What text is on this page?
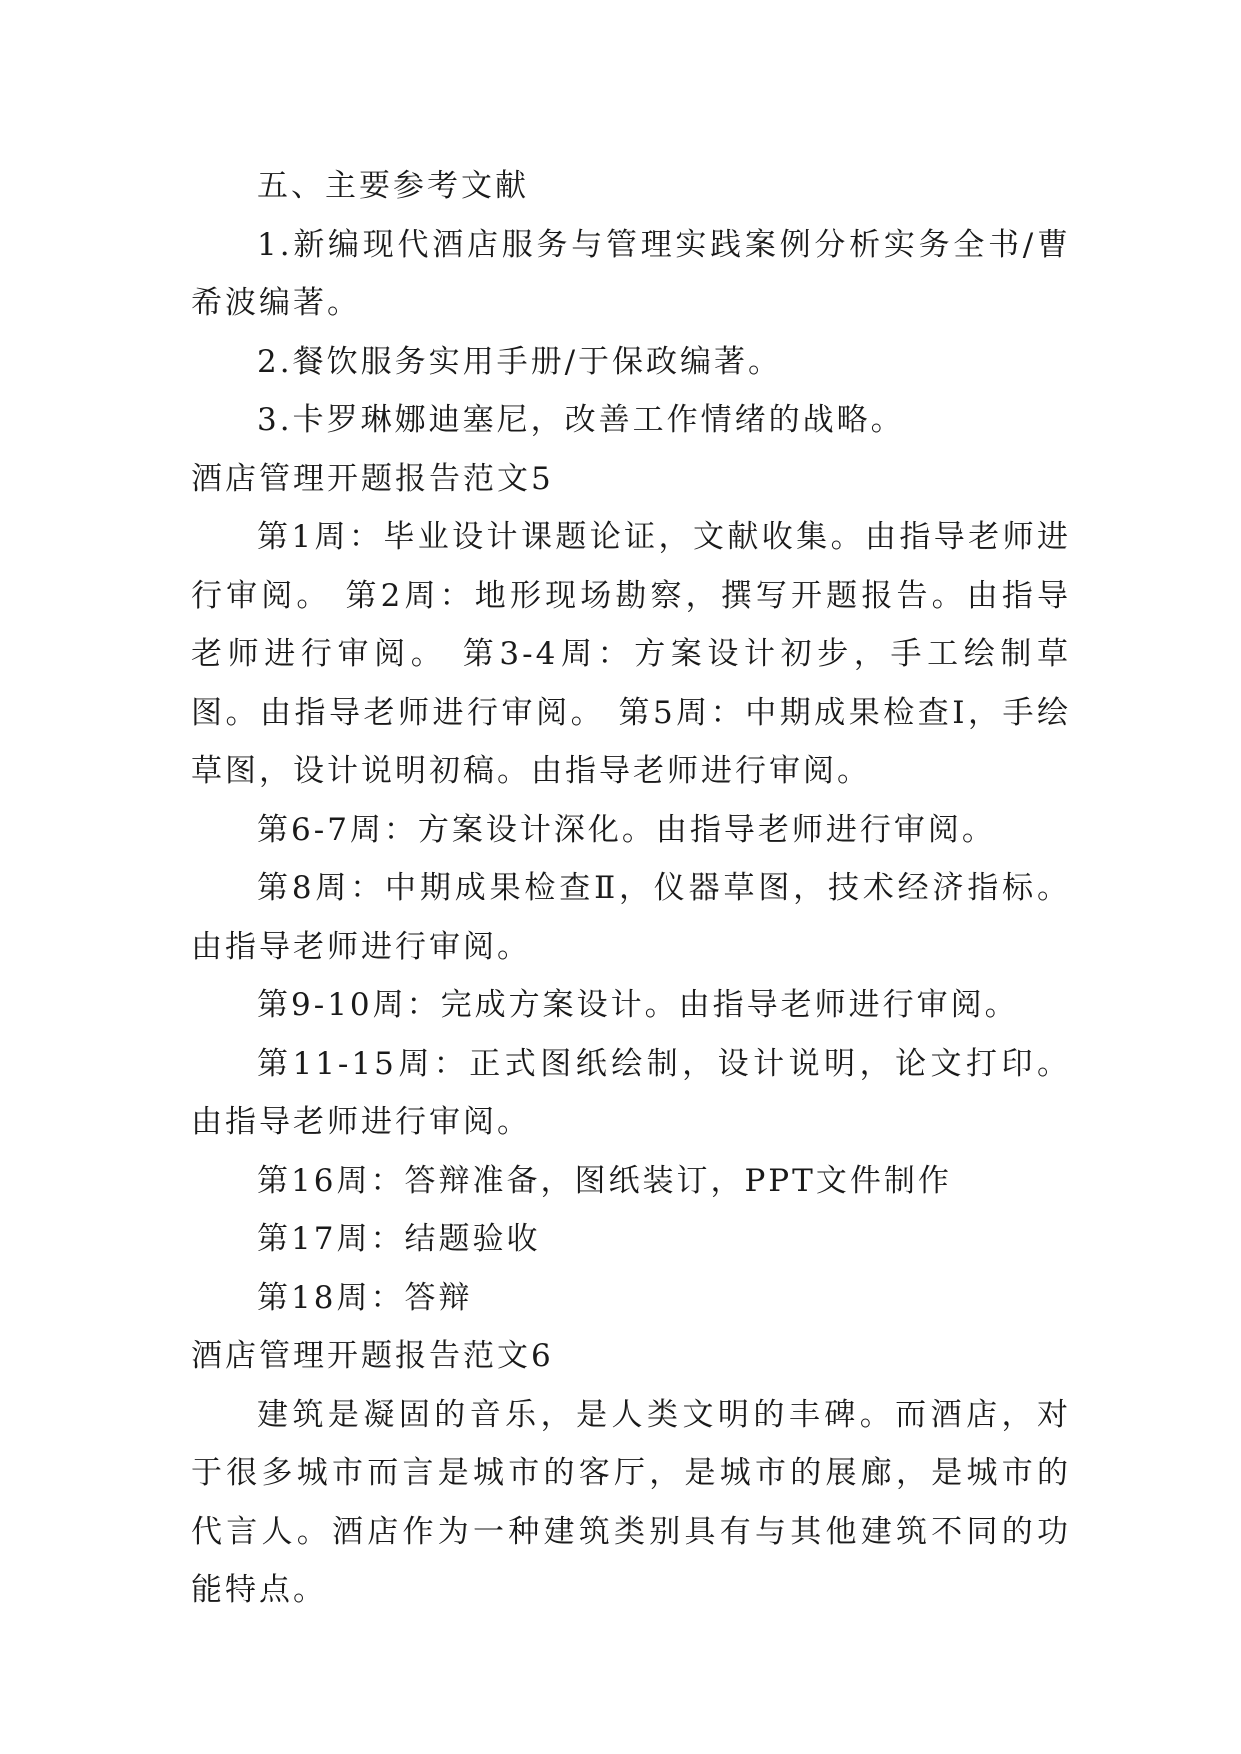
五、主要参考文献

1.新编现代酒店服务与管理实践案例分析实务全书/曹希波编著。

2.餐饮服务实用手册/于保政编著。

3.卡罗琳娜迪塞尼，改善工作情绪的战略。

酒店管理开题报告范文5

第1周：毕业设计课题论证，文献收集。由指导老师进行审阅。 第2周：地形现场勘察，撰写开题报告。由指导老师进行审阅。 第3-4周：方案设计初步，手工绘制草图。由指导老师进行审阅。 第5周：中期成果检查Ⅰ，手绘草图，设计说明初稿。由指导老师进行审阅。

第6-7周：方案设计深化。由指导老师进行审阅。

第8周：中期成果检查Ⅱ，仪器草图，技术经济指标。由指导老师进行审阅。

第9-10周：完成方案设计。由指导老师进行审阅。

第11-15周：正式图纸绘制，设计说明，论文打印。由指导老师进行审阅。

第16周：答辩准备，图纸装订，PPT文件制作

第17周：结题验收

第18周：答辩

酒店管理开题报告范文6

建筑是凝固的音乐，是人类文明的丰碑。而酒店，对于很多城市而言是城市的客厅，是城市的展廊，是城市的代言人。酒店作为一种建筑类别具有与其他建筑不同的功能特点。
